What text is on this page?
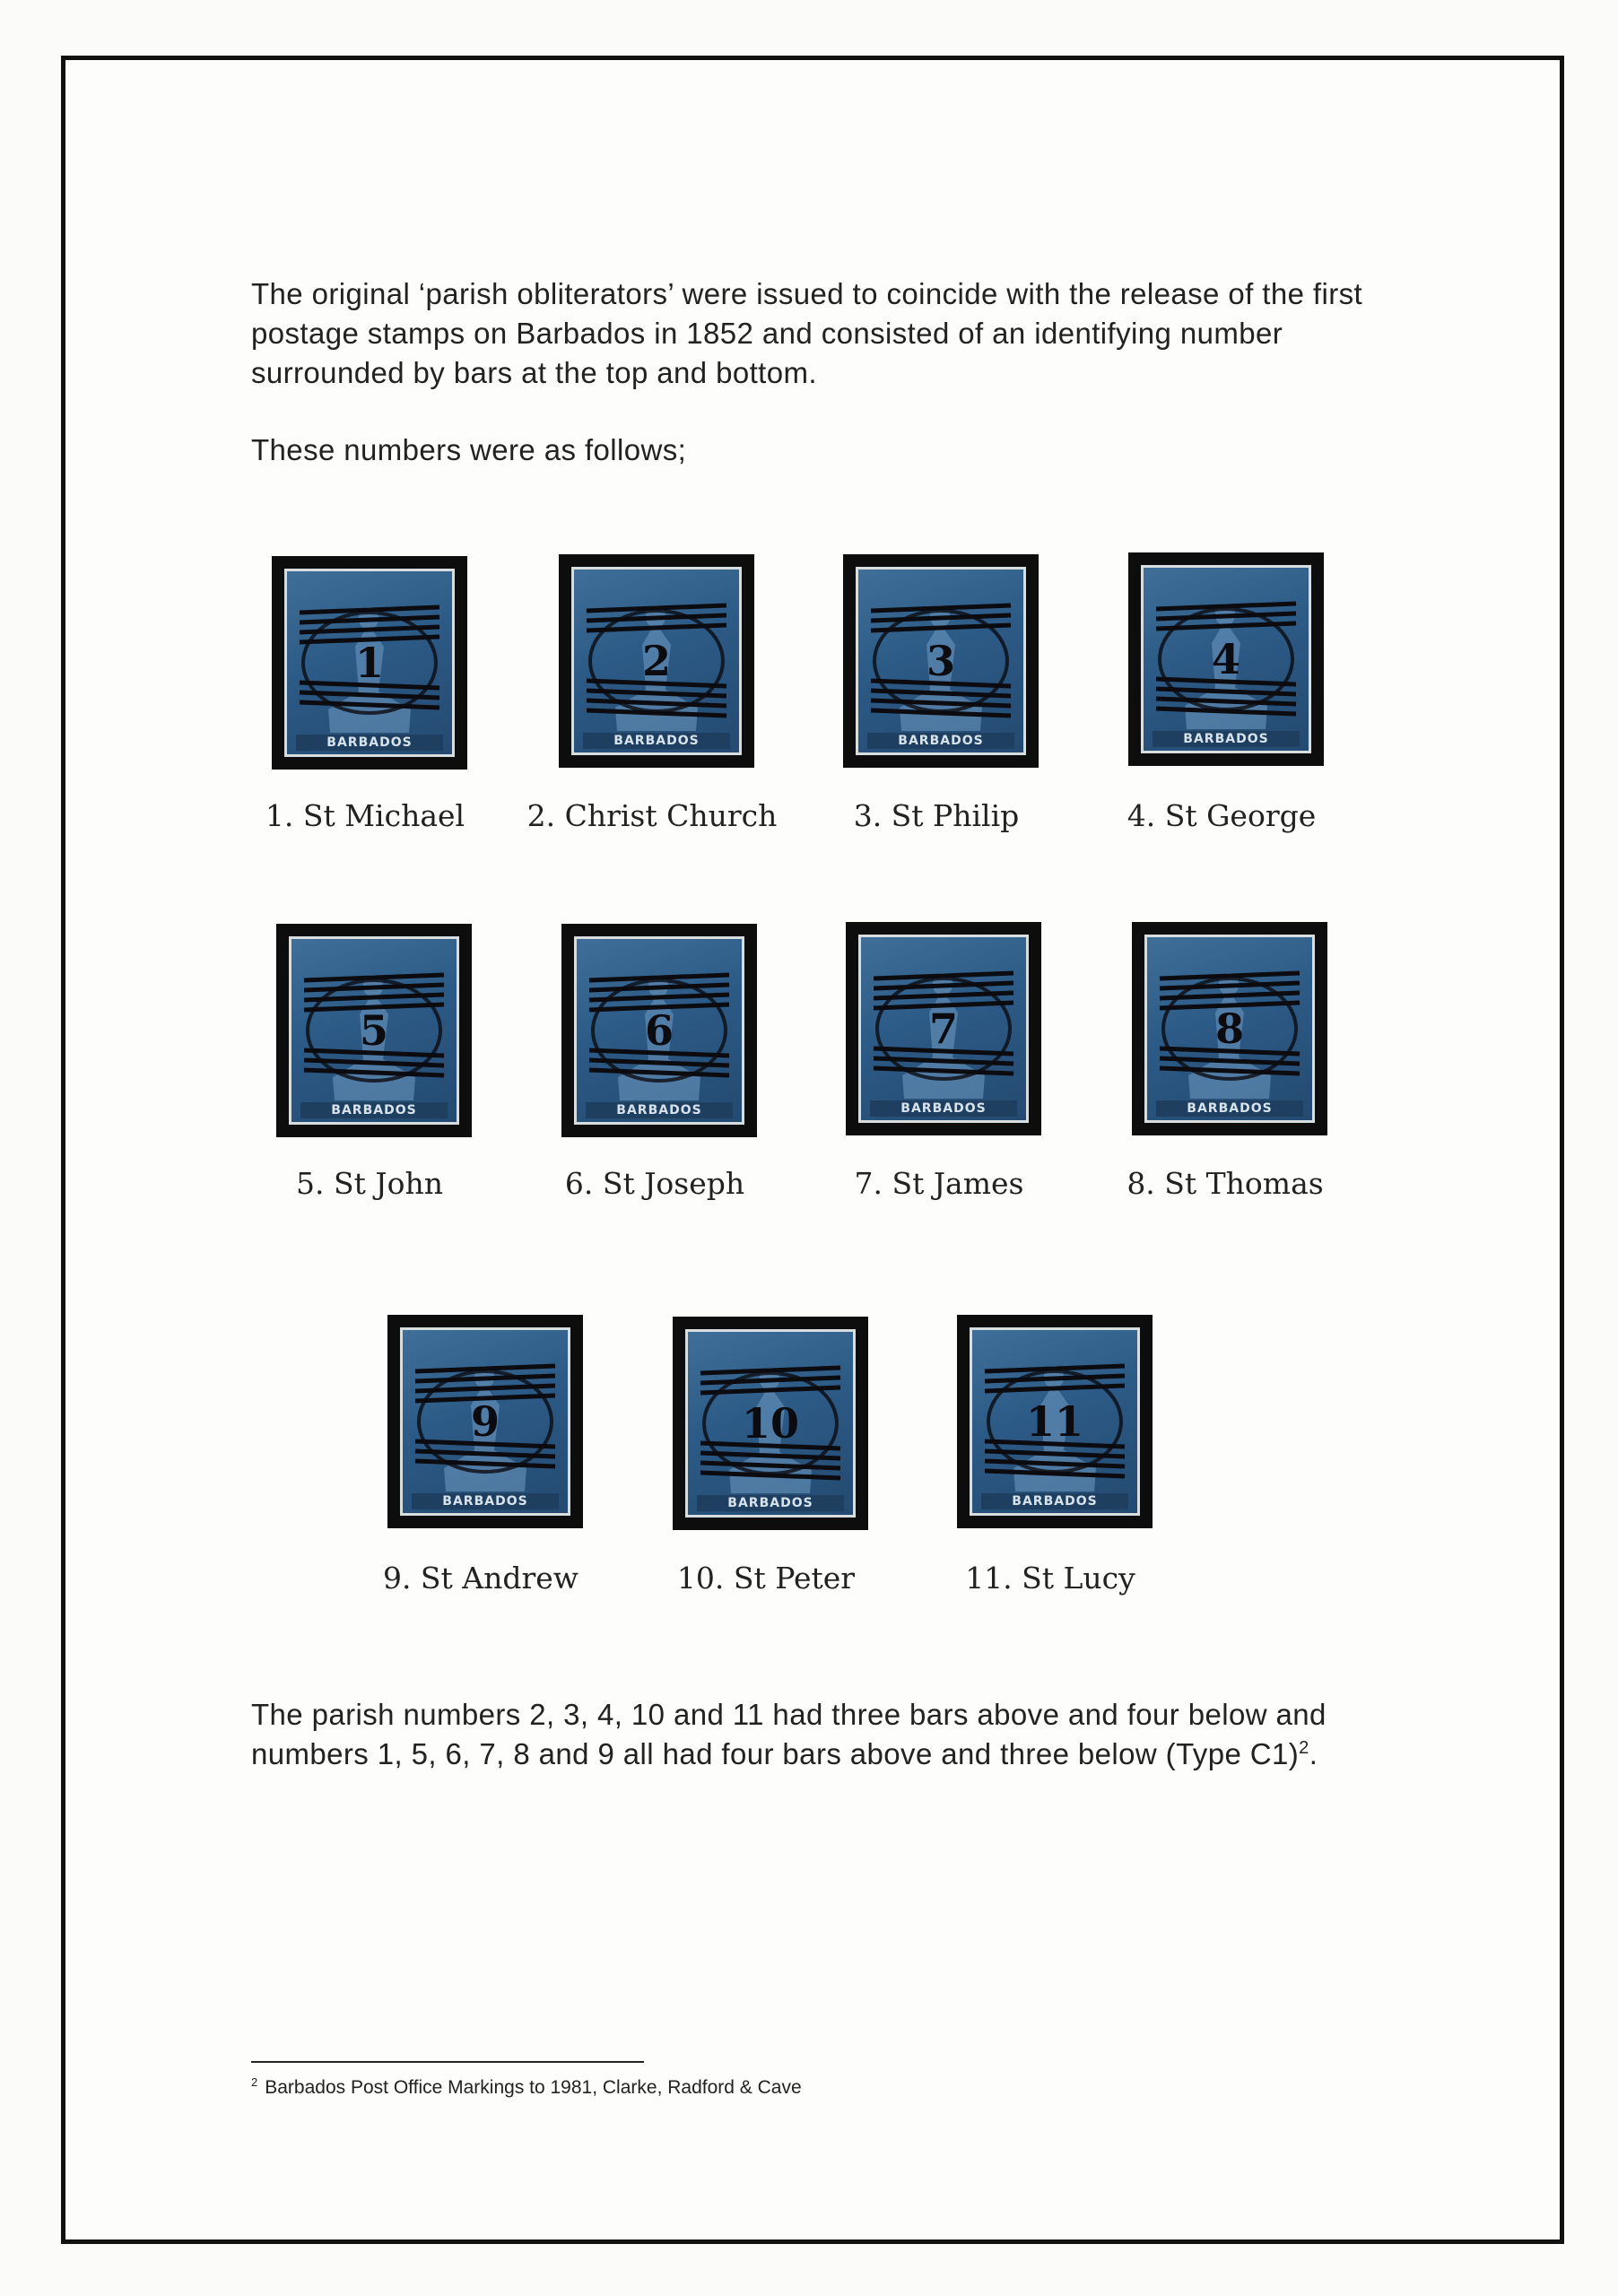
The original ‘parish obliterators’ were issued to coincide with the release of the first postage stamps on Barbados in 1852 and consisted of an identifying number surrounded by bars at the top and bottom.

These numbers were as follows;

1
BARBADOS
1. St Michael
2
BARBADOS
2. Christ Church
3
BARBADOS
3. St Philip
4
BARBADOS
4. St George
5
BARBADOS
5. St John
6
BARBADOS
6. St Joseph
7
BARBADOS
7. St James
8
BARBADOS
8. St Thomas
9
BARBADOS
9. St Andrew
10
BARBADOS
10. St Peter
11
BARBADOS
11. St Lucy

The parish numbers 2, 3, 4, 10 and 11 had three bars above and four below and numbers 1, 5, 6, 7, 8 and 9 all had four bars above and three below (Type C1)$^2$.

$^2$ Barbados Post Office Markings to 1981, Clarke, Radford & Cave
